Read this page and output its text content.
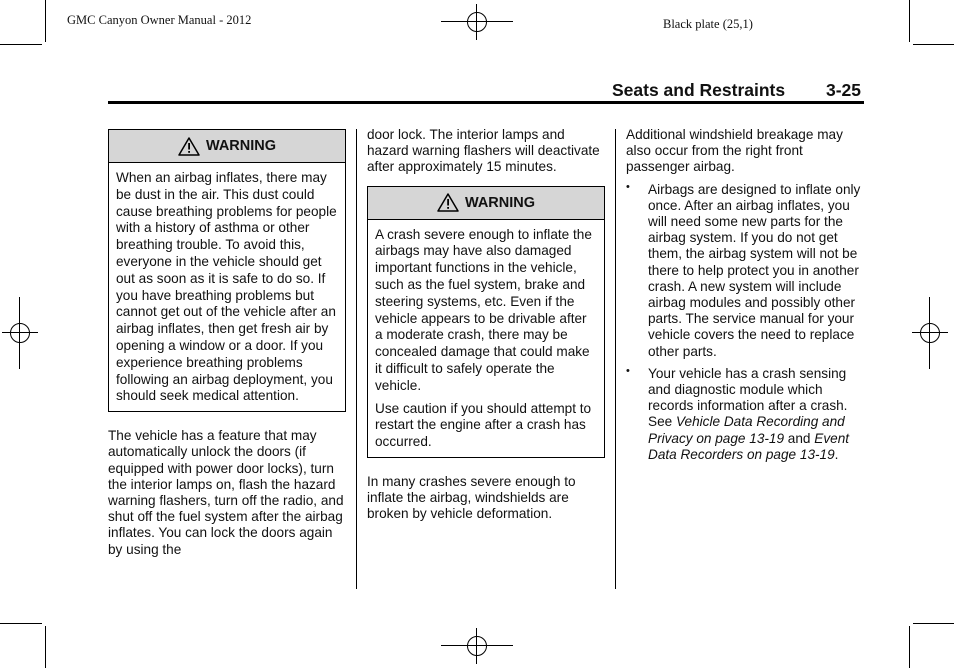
GMC Canyon Owner Manual - 2012	Black plate (25,1)
Seats and Restraints 3-25
WARNING

When an airbag inflates, there may be dust in the air. This dust could cause breathing problems for people with a history of asthma or other breathing trouble. To avoid this, everyone in the vehicle should get out as soon as it is safe to do so. If you have breathing problems but cannot get out of the vehicle after an airbag inflates, then get fresh air by opening a window or a door. If you experience breathing problems following an airbag deployment, you should seek medical attention.

The vehicle has a feature that may automatically unlock the doors (if equipped with power door locks), turn the interior lamps on, flash the hazard warning flashers, turn off the radio, and shut off the fuel system after the airbag inflates. You can lock the doors again by using the

door lock. The interior lamps and hazard warning flashers will deactivate after approximately 15 minutes.

WARNING

A crash severe enough to inflate the airbags may have also damaged important functions in the vehicle, such as the fuel system, brake and steering systems, etc. Even if the vehicle appears to be drivable after a moderate crash, there may be concealed damage that could make it difficult to safely operate the vehicle.

Use caution if you should attempt to restart the engine after a crash has occurred.

In many crashes severe enough to inflate the airbag, windshields are broken by vehicle deformation.

Additional windshield breakage may also occur from the right front passenger airbag.

• Airbags are designed to inflate only once. After an airbag inflates, you will need some new parts for the airbag system. If you do not get them, the airbag system will not be there to help protect you in another crash. A new system will include airbag modules and possibly other parts. The service manual for your vehicle covers the need to replace other parts.

• Your vehicle has a crash sensing and diagnostic module which records information after a crash. See Vehicle Data Recording and Privacy on page 13-19 and Event Data Recorders on page 13-19.
